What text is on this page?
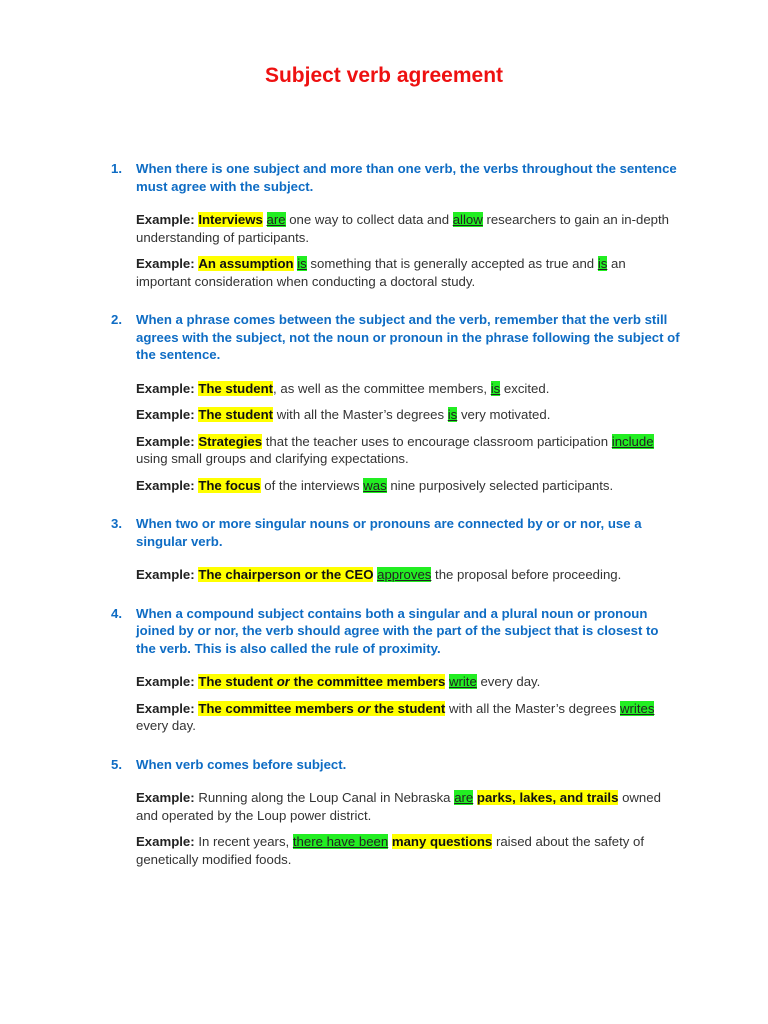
Subject verb agreement
1. When there is one subject and more than one verb, the verbs throughout the sentence must agree with the subject.

Example: Interviews are one way to collect data and allow researchers to gain an in-depth understanding of participants.

Example: An assumption is something that is generally accepted as true and is an important consideration when conducting a doctoral study.

2. When a phrase comes between the subject and the verb, remember that the verb still agrees with the subject, not the noun or pronoun in the phrase following the subject of the sentence.

Example: The student, as well as the committee members, is excited.

Example: The student with all the Master’s degrees is very motivated.

Example: Strategies that the teacher uses to encourage classroom participation include using small groups and clarifying expectations.

Example: The focus of the interviews was nine purposively selected participants.

3. When two or more singular nouns or pronouns are connected by or or nor, use a singular verb.

Example: The chairperson or the CEO approves the proposal before proceeding.

4. When a compound subject contains both a singular and a plural noun or pronoun joined by or nor, the verb should agree with the part of the subject that is closest to the verb. This is also called the rule of proximity.

Example: The student or the committee members write every day.

Example: The committee members or the student with all the Master’s degrees writes every day.

5. When verb comes before subject.

Example: Running along the Loup Canal in Nebraska are parks, lakes, and trails owned and operated by the Loup power district.

Example: In recent years, there have been many questions raised about the safety of genetically modified foods.
